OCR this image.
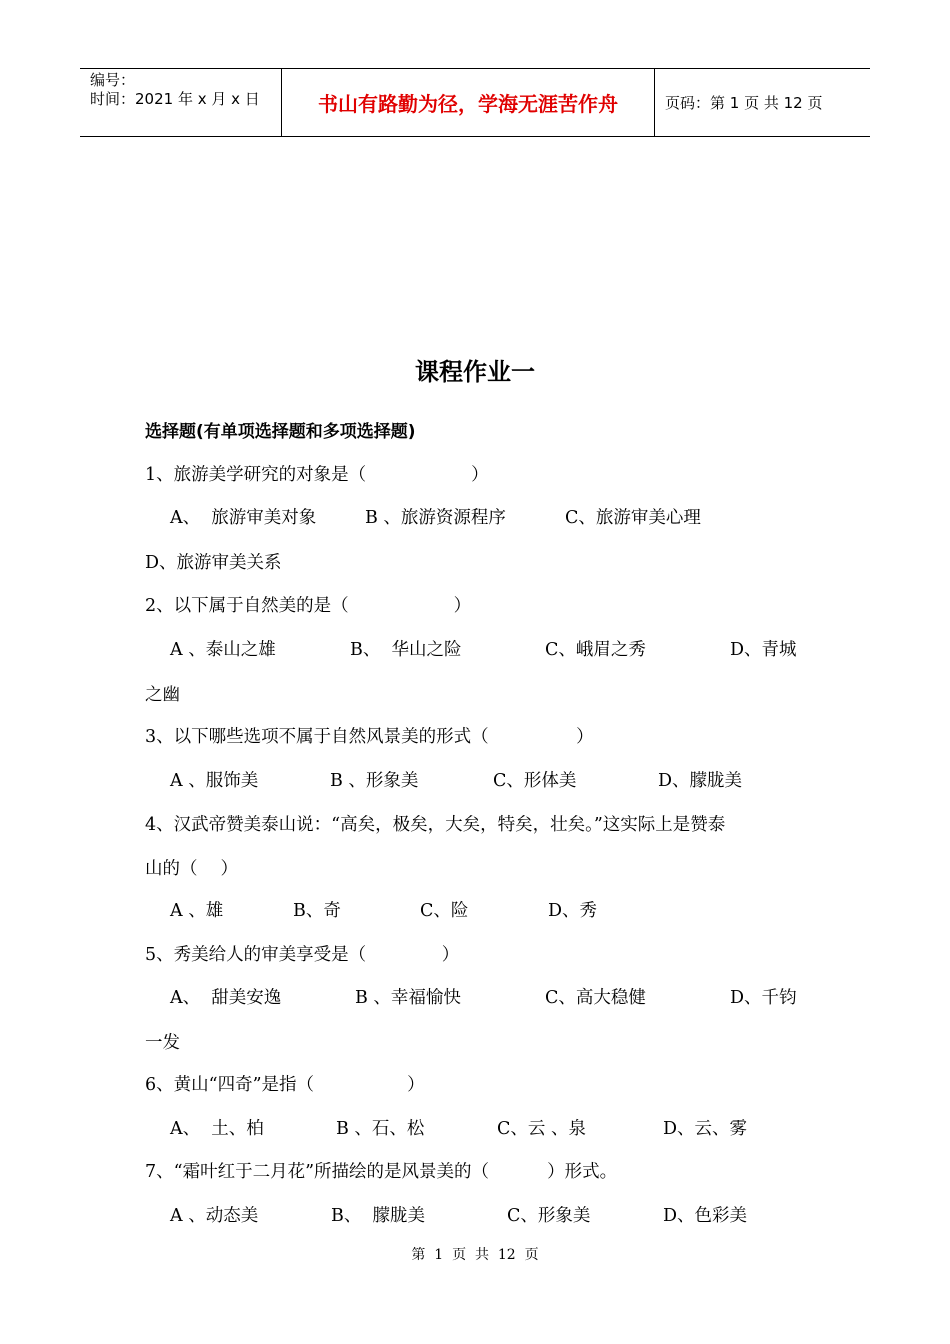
编号：
时间：2021 年 x 月 x 日	书山有路勤为径，学海无涯苦作舟	页码：第 1 页 共 12 页
课程作业一
选择题(有单项选择题和多项选择题)
1、旅游美学研究的对象是（　　　　　　）
A、  旅游审美对象	B 、旅游资源程序	C、旅游审美心理
D、旅游审美关系
2、以下属于自然美的是（　　　　　　）
A 、泰山之雄	B、  华山之险	C、峨眉之秀	D、青城
之幽
3、以下哪些选项不属于自然风景美的形式（　　　　　）
A 、服饰美	B 、形象美	C、形体美	D、朦胧美
4、汉武帝赞美泰山说：“高矣，极矣，大矣，特矣，壮矣。”这实际上是赞泰
山的（　 ）
A 、雄	B、奇	C、险	D、秀
5、秀美给人的审美享受是（　　　　 ）
A、  甜美安逸	B 、幸福愉快	C、高大稳健	D、千钧
一发
6、黄山“四奇”是指（　　　　　 ）
A、  土、柏	B 、石、松	C、云 、泉	D、云、雾
7、“霜叶红于二月花”所描绘的是风景美的（　　　 ）形式。
A 、动态美	B、  朦胧美	C、形象美	D、色彩美
第  1  页  共  12  页
